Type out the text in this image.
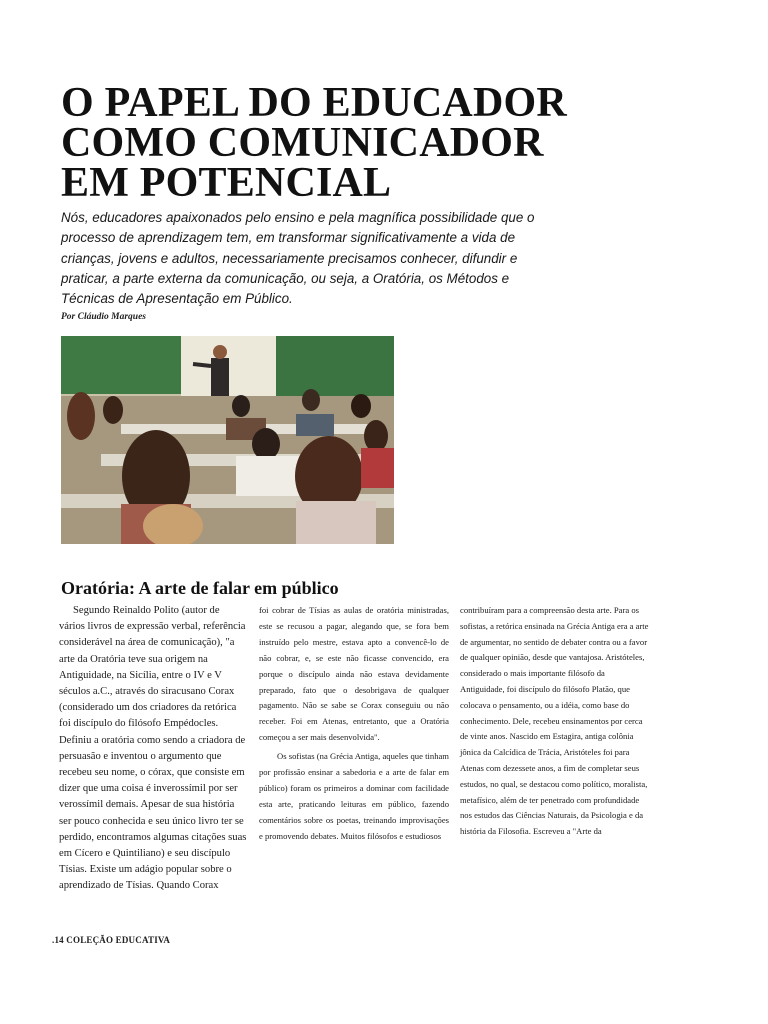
O PAPEL DO EDUCADOR
COMO COMUNICADOR
EM POTENCIAL

Nós, educadores apaixonados pelo ensino e pela magnífica possibilidade que o processo de aprendizagem tem, em transformar significativamente a vida de crianças, jovens e adultos, necessariamente precisamos conhecer, difundir e praticar, a parte externa da comunicação, ou seja, a Oratória, os Métodos e Técnicas de Apresentação em Público.

Por Cláudio Marques

Oratória: A arte de falar em público

Segundo Reinaldo Polito (autor de vários livros de expressão verbal, referência considerável na área de comunicação), "a arte da Oratória teve sua origem na Antiguidade, na Sicília, entre o IV e V séculos a.C., através do siracusano Corax (considerado um dos criadores da retórica foi discípulo do filósofo Empédocles. Definiu a oratória como sendo a criadora de persuasão e inventou o argumento que recebeu seu nome, o córax, que consiste em dizer que uma coisa é inverossímil por ser verossímil demais. Apesar de sua história ser pouco conhecida e seu único livro ter se perdido, encontramos algumas citações suas em Cícero e Quintiliano) e seu discípulo Tísias. Existe um adágio popular sobre o aprendizado de Tísias. Quando Corax

foi cobrar de Tísias as aulas de oratória ministradas, este se recusou a pagar, alegando que, se fora bem instruído pelo mestre, estava apto a convencê-lo de não cobrar, e, se este não ficasse convencido, era porque o discípulo ainda não estava devidamente preparado, fato que o desobrigava de qualquer pagamento. Não se sabe se Corax conseguiu ou não receber. Foi em Atenas, entretanto, que a Oratória começou a ser mais desenvolvida".

Os sofistas (na Grécia Antiga, aqueles que tinham por profissão ensinar a sabedoria e a arte de falar em público) foram os primeiros a dominar com facilidade esta arte, praticando leituras em público, fazendo comentários sobre os poetas, treinando improvisações e promovendo debates. Muitos filósofos e estudiosos

contribuíram para a compreensão desta arte. Para os sofistas, a retórica ensinada na Grécia Antiga era a arte de argumentar, no sentido de debater contra ou a favor de qualquer opinião, desde que vantajosa. Aristóteles, considerado o mais importante filósofo da Antiguidade, foi discípulo do filósofo Platão, que colocava o pensamento, ou a idéia, como base do conhecimento. Dele, recebeu ensinamentos por cerca de vinte anos. Nascido em Estagira, antiga colônia jônica da Calcídica de Trácia, Aristóteles foi para Atenas com dezessete anos, a fim de completar seus estudos, no qual, se destacou como político, moralista, metafísico, além de ter penetrado com profundidade nos estudos das Ciências Naturais, da Psicologia e da história da Filosofia. Escreveu a "Arte da

.14 COLEÇÃO EDUCATIVA
